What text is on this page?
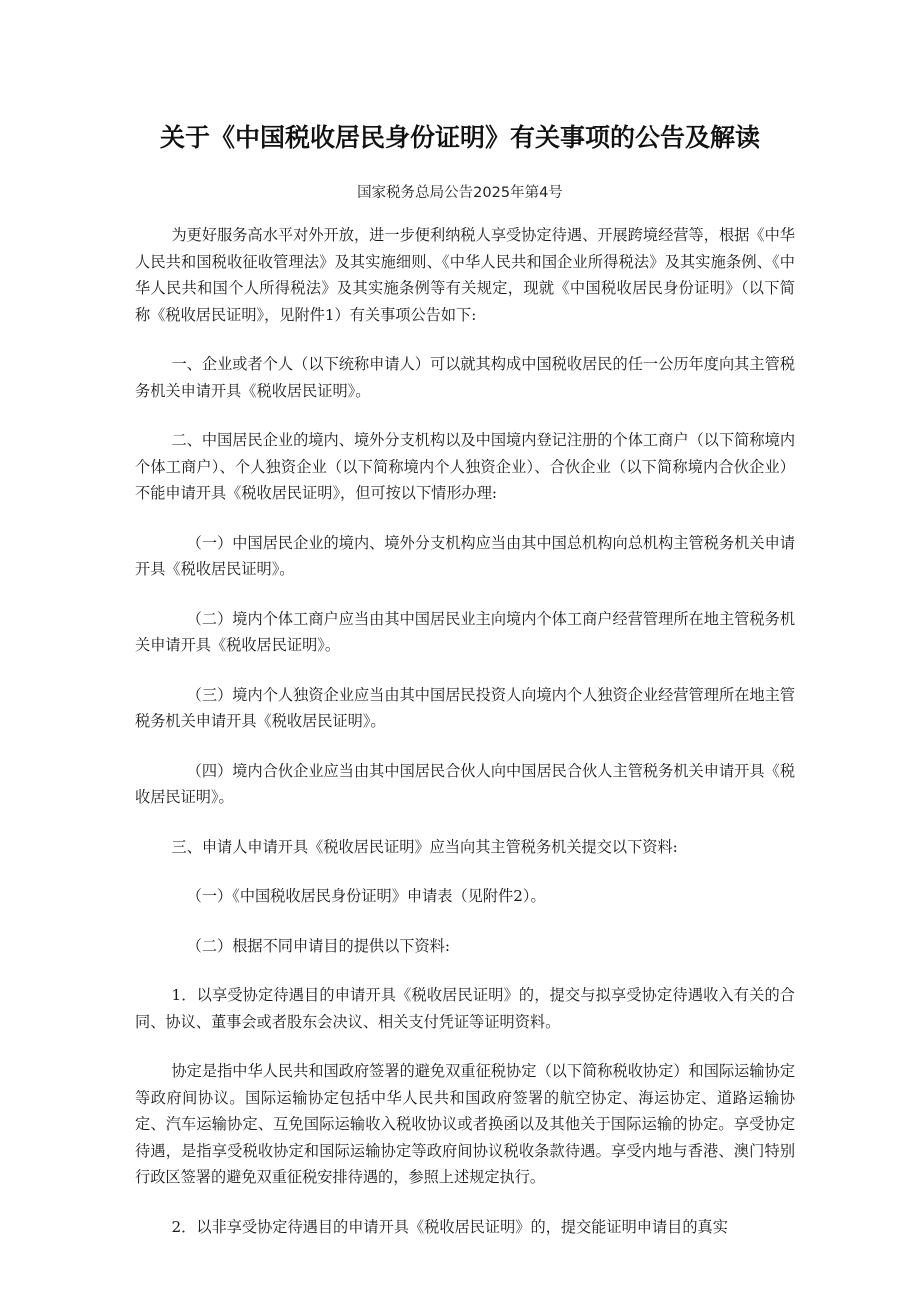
关于《中国税收居民身份证明》有关事项的公告及解读
国家税务总局公告2025年第4号

为更好服务高水平对外开放，进一步便利纳税人享受协定待遇、开展跨境经营等，根据《中华人民共和国税收征收管理法》及其实施细则、《中华人民共和国企业所得税法》及其实施条例、《中华人民共和国个人所得税法》及其实施条例等有关规定，现就《中国税收居民身份证明》（以下简称《税收居民证明》，见附件1）有关事项公告如下:

一、企业或者个人（以下统称申请人）可以就其构成中国税收居民的任一公历年度向其主管税务机关申请开具《税收居民证明》。

二、中国居民企业的境内、境外分支机构以及中国境内登记注册的个体工商户（以下简称境内个体工商户）、个人独资企业（以下简称境内个人独资企业）、合伙企业（以下简称境内合伙企业）不能申请开具《税收居民证明》，但可按以下情形办理:

（一）中国居民企业的境内、境外分支机构应当由其中国总机构向总机构主管税务机关申请开具《税收居民证明》。

（二）境内个体工商户应当由其中国居民业主向境内个体工商户经营管理所在地主管税务机关申请开具《税收居民证明》。

（三）境内个人独资企业应当由其中国居民投资人向境内个人独资企业经营管理所在地主管税务机关申请开具《税收居民证明》。

（四）境内合伙企业应当由其中国居民合伙人向中国居民合伙人主管税务机关申请开具《税收居民证明》。

三、申请人申请开具《税收居民证明》应当向其主管税务机关提交以下资料:

（一）《中国税收居民身份证明》申请表（见附件2）。

（二）根据不同申请目的提供以下资料:

1．以享受协定待遇目的申请开具《税收居民证明》的，提交与拟享受协定待遇收入有关的合同、协议、董事会或者股东会决议、相关支付凭证等证明资料。

协定是指中华人民共和国政府签署的避免双重征税协定（以下简称税收协定）和国际运输协定等政府间协议。国际运输协定包括中华人民共和国政府签署的航空协定、海运协定、道路运输协定、汽车运输协定、互免国际运输收入税收协议或者换函以及其他关于国际运输的协定。享受协定待遇，是指享受税收协定和国际运输协定等政府间协议税收条款待遇。享受内地与香港、澳门特别行政区签署的避免双重征税安排待遇的，参照上述规定执行。

2．以非享受协定待遇目的申请开具《税收居民证明》的，提交能证明申请目的真实
